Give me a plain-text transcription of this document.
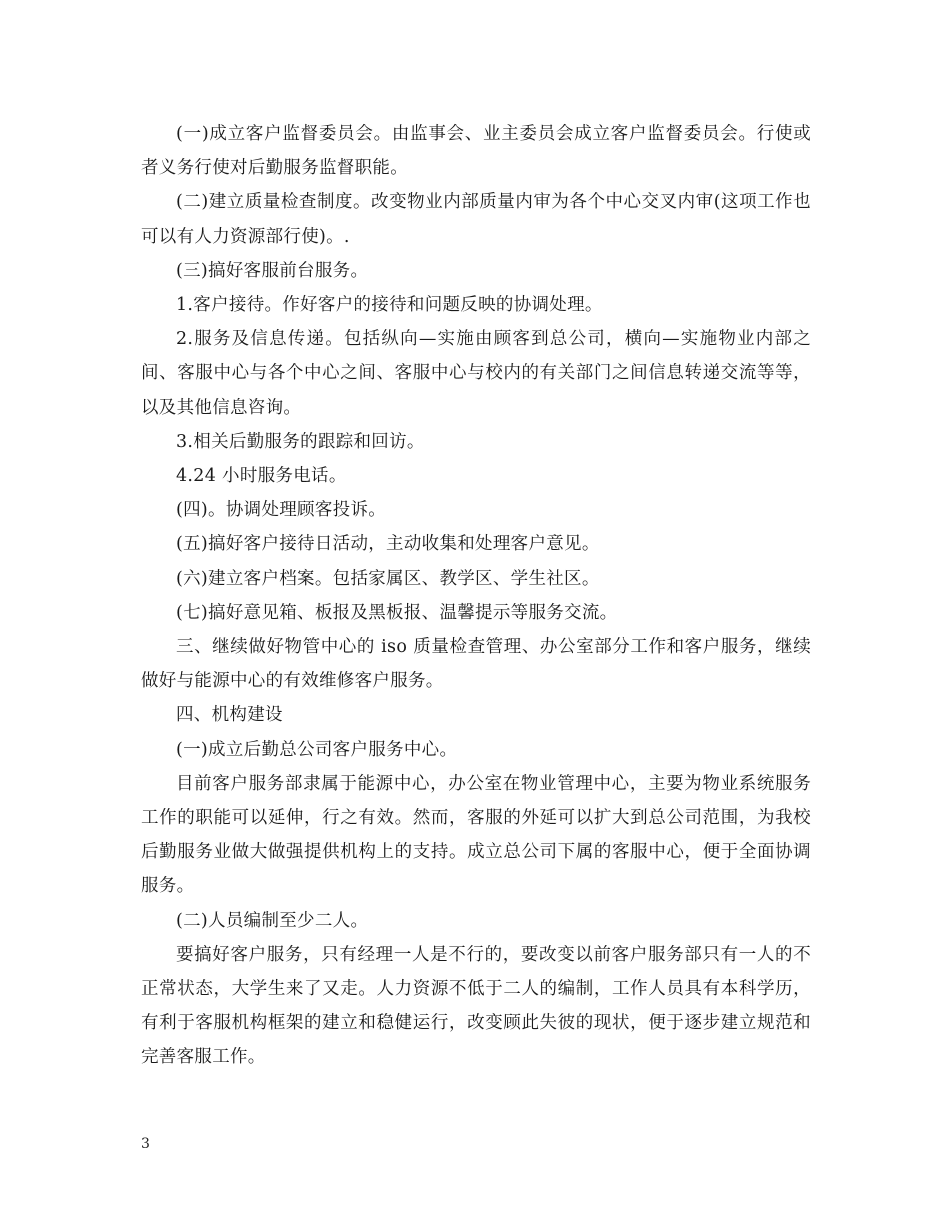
(一)成立客户监督委员会。由监事会、业主委员会成立客户监督委员会。行使或者义务行使对后勤服务监督职能。

(二)建立质量检查制度。改变物业内部质量内审为各个中心交叉内审(这项工作也可以有人力资源部行使)。.

(三)搞好客服前台服务。

1.客户接待。作好客户的接待和问题反映的协调处理。

2.服务及信息传递。包括纵向—实施由顾客到总公司，横向—实施物业内部之间、客服中心与各个中心之间、客服中心与校内的有关部门之间信息转递交流等等，以及其他信息咨询。

3.相关后勤服务的跟踪和回访。

4.24 小时服务电话。

(四)。协调处理顾客投诉。

(五)搞好客户接待日活动，主动收集和处理客户意见。

(六)建立客户档案。包括家属区、教学区、学生社区。

(七)搞好意见箱、板报及黑板报、温馨提示等服务交流。

三、继续做好物管中心的 iso 质量检查管理、办公室部分工作和客户服务，继续做好与能源中心的有效维修客户服务。

四、机构建设

(一)成立后勤总公司客户服务中心。

目前客户服务部隶属于能源中心，办公室在物业管理中心，主要为物业系统服务工作的职能可以延伸，行之有效。然而，客服的外延可以扩大到总公司范围，为我校后勤服务业做大做强提供机构上的支持。成立总公司下属的客服中心，便于全面协调服务。

(二)人员编制至少二人。

要搞好客户服务，只有经理一人是不行的，要改变以前客户服务部只有一人的不正常状态，大学生来了又走。人力资源不低于二人的编制，工作人员具有本科学历，有利于客服机构框架的建立和稳健运行，改变顾此失彼的现状，便于逐步建立规范和完善客服工作。

3
